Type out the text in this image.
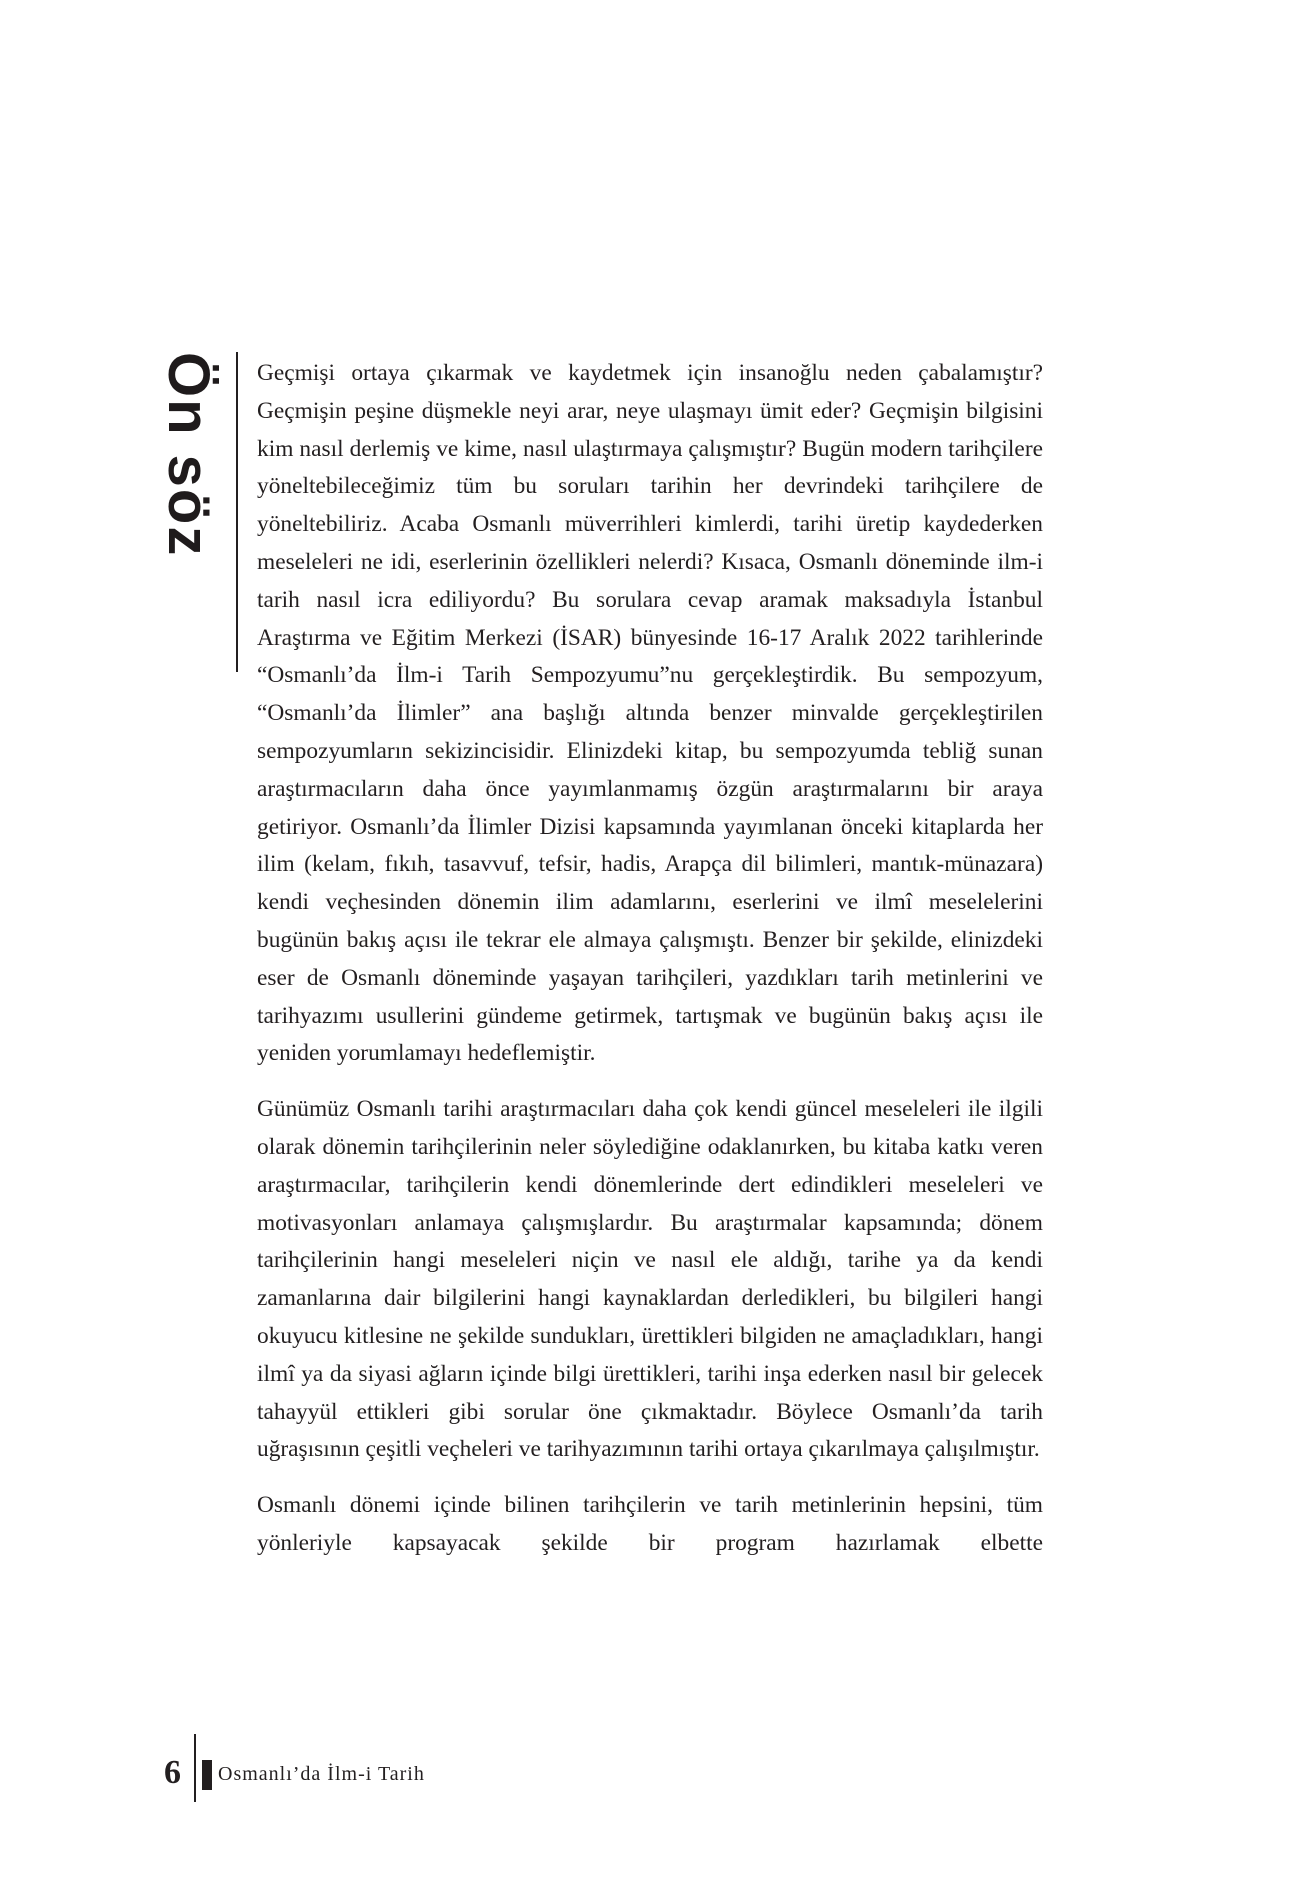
Ön söz Geçmişi ortaya çıkarmak ve kaydetmek için insanoğlu neden çabalamıştır? Geçmişin peşine düşmekle neyi arar, neye ulaşmayı ümit eder? Geçmişin bilgisini kim nasıl derlemiş ve kime, nasıl ulaştırmaya çalışmıştır? Bugün modern tarihçilere yöneltebileceğimiz tüm bu soruları tarihin her devrindeki tarihçilere de yöneltebiliriz. Acaba Osmanlı müverrihleri kimlerdi, tarihi üretip kaydederken meseleleri ne idi, eserlerinin özellikleri nelerdi? Kısaca, Osmanlı döneminde ilm-i tarih nasıl icra ediliyordu? Bu sorulara cevap aramak maksadıyla İstanbul Araştırma ve Eğitim Merkezi (İSAR) bünyesinde 16-17 Aralık 2022 tarihlerinde “Osmanlı’da İlm-i Tarih Sempozyumu”nu gerçekleştirdik. Bu sempozyum, “Osmanlı’da İlimler” ana başlığı altında benzer minvalde gerçekleştirilen sempozyumların sekizincisidir. Elinizdeki kitap, bu sempozyumda tebliğ sunan araştırmacıların daha önce yayımlanmamış özgün araştırmalarını bir araya getiriyor. Osmanlı’da İlimler Dizisi kapsamında yayımlanan önceki kitaplarda her ilim (kelam, fıkıh, tasavvuf, tefsir, hadis, Arapça dil bilimleri, mantık-münazara) kendi veçhesinden dönemin ilim adamlarını, eserlerini ve ilmî meselelerini bugünün bakış açısı ile tekrar ele almaya çalışmıştı. Benzer bir şekilde, elinizdeki eser de Osmanlı döneminde yaşayan tarihçileri, yazdıkları tarih metinlerini ve tarihyazımı usullerini gündeme getirmek, tartışmak ve bugünün bakış açısı ile yeniden yorumlamayı hedeflemiştir.

Günümüz Osmanlı tarihi araştırmacıları daha çok kendi güncel meseleleri ile ilgili olarak dönemin tarihçilerinin neler söylediğine odaklanırken, bu kitaba katkı veren araştırmacılar, tarihçilerin kendi dönemlerinde dert edindikleri meseleleri ve motivasyonları anlamaya çalışmışlardır. Bu araştırmalar kapsamında; dönem tarihçilerinin hangi meseleleri niçin ve nasıl ele aldığı, tarihe ya da kendi zamanlarına dair bilgilerini hangi kaynaklardan derledikleri, bu bilgileri hangi okuyucu kitlesine ne şekilde sundukları, ürettikleri bilgiden ne amaçladıkları, hangi ilmî ya da siyasi ağların içinde bilgi ürettikleri, tarihi inşa ederken nasıl bir gelecek tahayyül ettikleri gibi sorular öne çıkmaktadır. Böylece Osmanlı’da tarih uğraşısının çeşitli veçheleri ve tarihyazımının tarihi ortaya çıkarılmaya çalışılmıştır.

Osmanlı dönemi içinde bilinen tarihçilerin ve tarih metinlerinin hepsini, tüm yönleriyle kapsayacak şekilde bir program hazırlamak elbette

6 Osmanlı’da İlm-i Tarih
